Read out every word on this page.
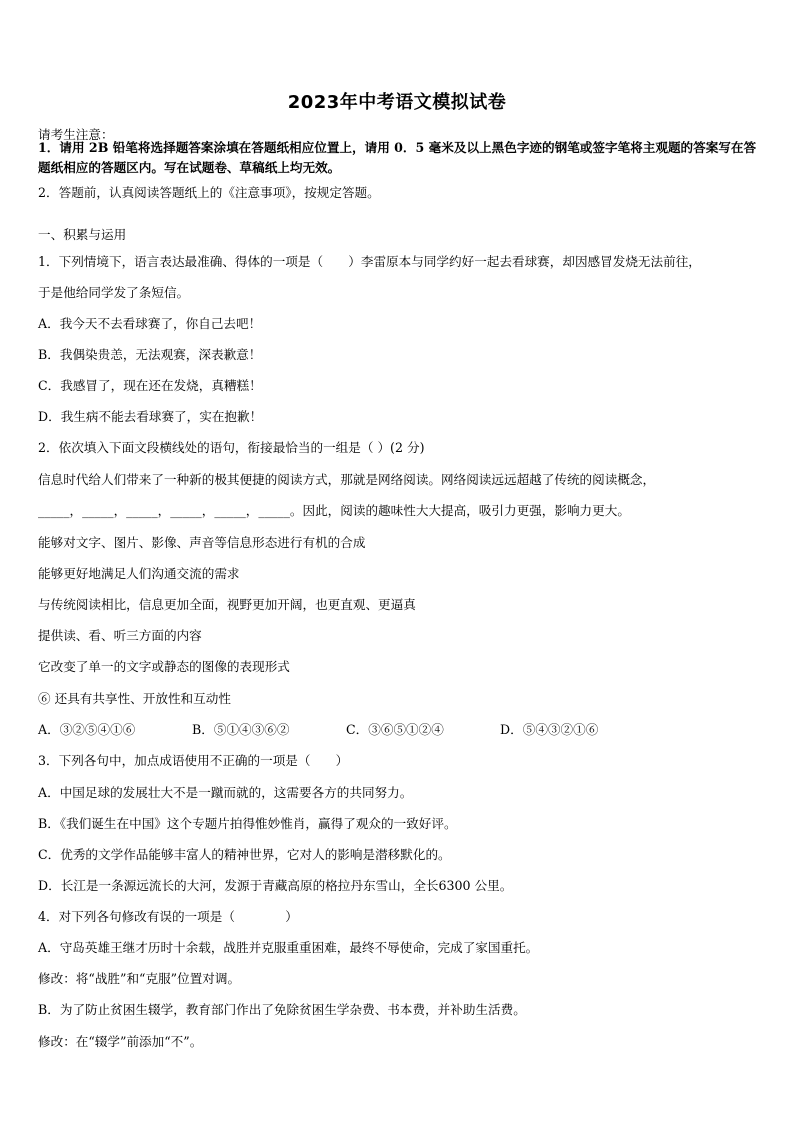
2023年中考语文模拟试卷
请考生注意：
1．请用 2B 铅笔将选择题答案涂填在答题纸相应位置上，请用 0．5 毫米及以上黑色字迹的钢笔或签字笔将主观题的答案写在答题纸相应的答题区内。写在试题卷、草稿纸上均无效。
2．答题前，认真阅读答题纸上的《注意事项》，按规定答题。
一、积累与运用
1．下列情境下，语言表达最准确、得体的一项是（　　）李雷原本与同学约好一起去看球赛，却因感冒发烧无法前往，
于是他给同学发了条短信。
A．我今天不去看球赛了，你自己去吧！
B．我偶染贵恙，无法观赛，深表歉意！
C．我感冒了，现在还在发烧，真糟糕！
D．我生病不能去看球赛了，实在抱歉！
2．依次填入下面文段横线处的语句，衔接最恰当的一组是（ ）(2 分)
信息时代给人们带来了一种新的极其便捷的阅读方式，那就是网络阅读。网络阅读远远超越了传统的阅读概念，
_____，_____，_____，_____，_____，_____。因此，阅读的趣味性大大提高，吸引力更强，影响力更大。
能够对文字、图片、影像、声音等信息形态进行有机的合成
能够更好地满足人们沟通交流的需求
与传统阅读相比，信息更加全面，视野更加开阔，也更直观、更逼真
提供读、看、听三方面的内容
它改变了单一的文字或静态的图像的表现形式
⑥ 还具有共享性、开放性和互动性
A．③②⑤④①⑥	B．⑤①④③⑥②	C．③⑥⑤①②④	D．⑤④③②①⑥
3．下列各句中，加点成语使用不正确的一项是（　　）
A．中国足球的发展壮大不是一蹴而就的，这需要各方的共同努力。
B．《我们诞生在中国》这个专题片拍得惟妙惟肖，赢得了观众的一致好评。
C．优秀的文学作品能够丰富人的精神世界，它对人的影响是潜移默化的。
D．长江是一条源远流长的大河，发源于青藏高原的格拉丹东雪山，全长6300 公里。
4．对下列各句修改有误的一项是（　　　　）
A．守岛英雄王继才历时十余载，战胜并克服重重困难，最终不辱使命，完成了家国重托。
修改：将“战胜”和“克服”位置对调。
B．为了防止贫困生辍学，教育部门作出了免除贫困生学杂费、书本费，并补助生活费。
修改：在“辍学”前添加“不”。
